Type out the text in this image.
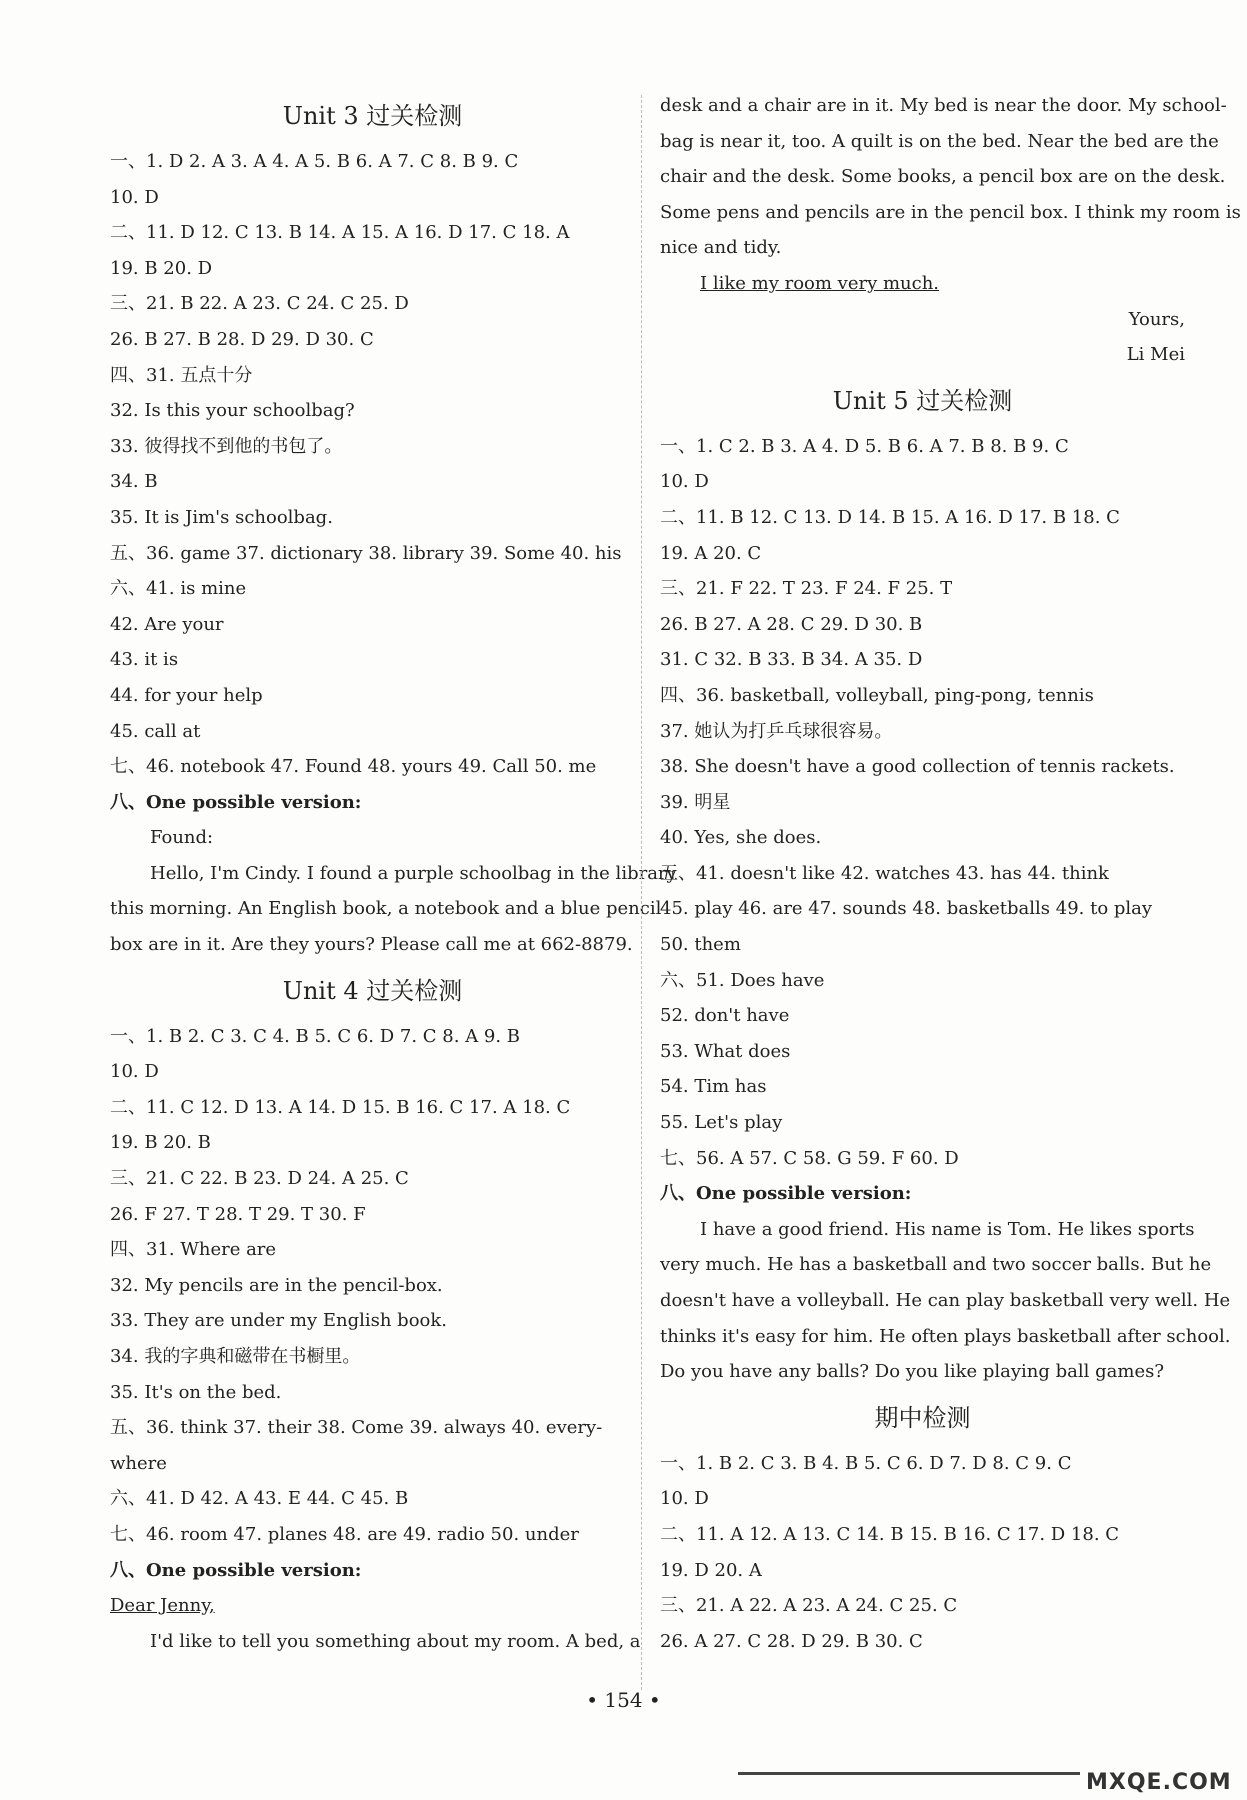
Unit 3 过关检测
一、1. D 2. A 3. A 4. A 5. B 6. A 7. C 8. B 9. C
10. D
二、11. D 12. C 13. B 14. A 15. A 16. D 17. C 18. A
19. B 20. D
三、21. B 22. A 23. C 24. C 25. D
26. B 27. B 28. D 29. D 30. C
四、31. 五点十分
32. Is this your schoolbag?
33. 彼得找不到他的书包了。
34. B
35. It is Jim's schoolbag.
五、36. game 37. dictionary 38. library 39. Some 40. his
六、41. is mine
42. Are your
43. it is
44. for your help
45. call at
七、46. notebook 47. Found 48. yours 49. Call 50. me
八、One possible version:
Found:
Hello, I'm Cindy. I found a purple schoolbag in the library
this morning. An English book, a notebook and a blue pencil
box are in it. Are they yours? Please call me at 662-8879.
Unit 4 过关检测
一、1. B 2. C 3. C 4. B 5. C 6. D 7. C 8. A 9. B
10. D
二、11. C 12. D 13. A 14. D 15. B 16. C 17. A 18. C
19. B 20. B
三、21. C 22. B 23. D 24. A 25. C
26. F 27. T 28. T 29. T 30. F
四、31. Where are
32. My pencils are in the pencil-box.
33. They are under my English book.
34. 我的字典和磁带在书橱里。
35. It's on the bed.
五、36. think 37. their 38. Come 39. always 40. every-
where
六、41. D 42. A 43. E 44. C 45. B
七、46. room 47. planes 48. are 49. radio 50. under
八、One possible version:
Dear Jenny,
I'd like to tell you something about my room. A bed, a
desk and a chair are in it. My bed is near the door. My school-
bag is near it, too. A quilt is on the bed. Near the bed are the
chair and the desk. Some books, a pencil box are on the desk.
Some pens and pencils are in the pencil box. I think my room is
nice and tidy.
I like my room very much.
Yours,
Li Mei
Unit 5 过关检测
一、1. C 2. B 3. A 4. D 5. B 6. A 7. B 8. B 9. C
10. D
二、11. B 12. C 13. D 14. B 15. A 16. D 17. B 18. C
19. A 20. C
三、21. F 22. T 23. F 24. F 25. T
26. B 27. A 28. C 29. D 30. B
31. C 32. B 33. B 34. A 35. D
四、36. basketball, volleyball, ping-pong, tennis
37. 她认为打乒乓球很容易。
38. She doesn't have a good collection of tennis rackets.
39. 明星
40. Yes, she does.
五、41. doesn't like 42. watches 43. has 44. think
45. play 46. are 47. sounds 48. basketballs 49. to play
50. them
六、51. Does have
52. don't have
53. What does
54. Tim has
55. Let's play
七、56. A 57. C 58. G 59. F 60. D
八、One possible version:
I have a good friend. His name is Tom. He likes sports
very much. He has a basketball and two soccer balls. But he
doesn't have a volleyball. He can play basketball very well. He
thinks it's easy for him. He often plays basketball after school.
Do you have any balls? Do you like playing ball games?
期中检测
一、1. B 2. C 3. B 4. B 5. C 6. D 7. D 8. C 9. C
10. D
二、11. A 12. A 13. C 14. B 15. B 16. C 17. D 18. C
19. D 20. A
三、21. A 22. A 23. A 24. C 25. C
26. A 27. C 28. D 29. B 30. C
• 154 •
MXQE.COM
